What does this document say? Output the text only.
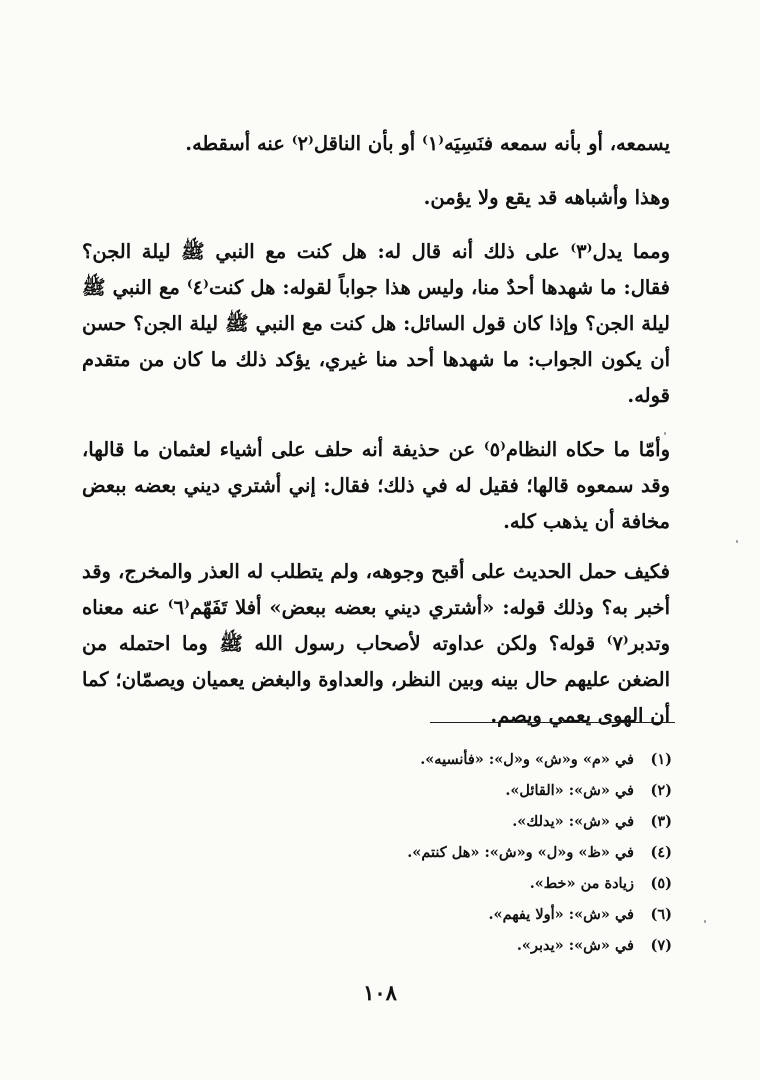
يسمعه، أو بأنه سمعه فنَسِيَه⁽١⁾ أو بأن الناقل⁽٢⁾ عنه أسقطه.

وهذا وأشباهه قد يقع ولا يؤمن.

ومما يدل⁽٣⁾ على ذلك أنه قال له: هل كنت مع النبي ﷺ ليلة الجن؟ فقال: ما شهدها أحدٌ منا، وليس هذا جواباً لقوله: هل كنت⁽٤⁾ مع النبي ﷺ ليلة الجن؟ وإذا كان قول السائل: هل كنت مع النبي ﷺ ليلة الجن؟ حسن أن يكون الجواب: ما شهدها أحد منا غيري، يؤكد ذلك ما كان من متقدم قوله.

وأمّا ما حكاه النظام⁽٥⁾ عن حذيفة أنه حلف على أشياء لعثمان ما قالها، وقد سمعوه قالها؛ فقيل له في ذلك؛ فقال: إني أشتري ديني بعضه ببعض مخافة أن يذهب كله.

فكيف حمل الحديث على أقبح وجوهه، ولم يتطلب له العذر والمخرج، وقد أخبر به؟ وذلك قوله: «أشتري ديني بعضه ببعض» أفلا تَفَهّم⁽٦⁾ عنه معناه وتدبر⁽٧⁾ قوله؟ ولكن عداوته لأصحاب رسول الله ﷺ وما احتمله من الضغن عليهم حال بينه وبين النظر، والعداوة والبغض يعميان ويصمّان؛ كما أن الهوى يعمي ويصم.

(١)
في «م» و«ش» و«ل»: «فأنسيه».
(٢)
في «ش»: «القائل».
(٣)
في «ش»: «يدلك».
(٤)
في «ظ» و«ل» و«ش»: «هل كنتم».
(٥)
زيادة من «خط».
(٦)
في «ش»: «أولا يفهم».
(٧)
في «ش»: «يدبر».
١٠٨
